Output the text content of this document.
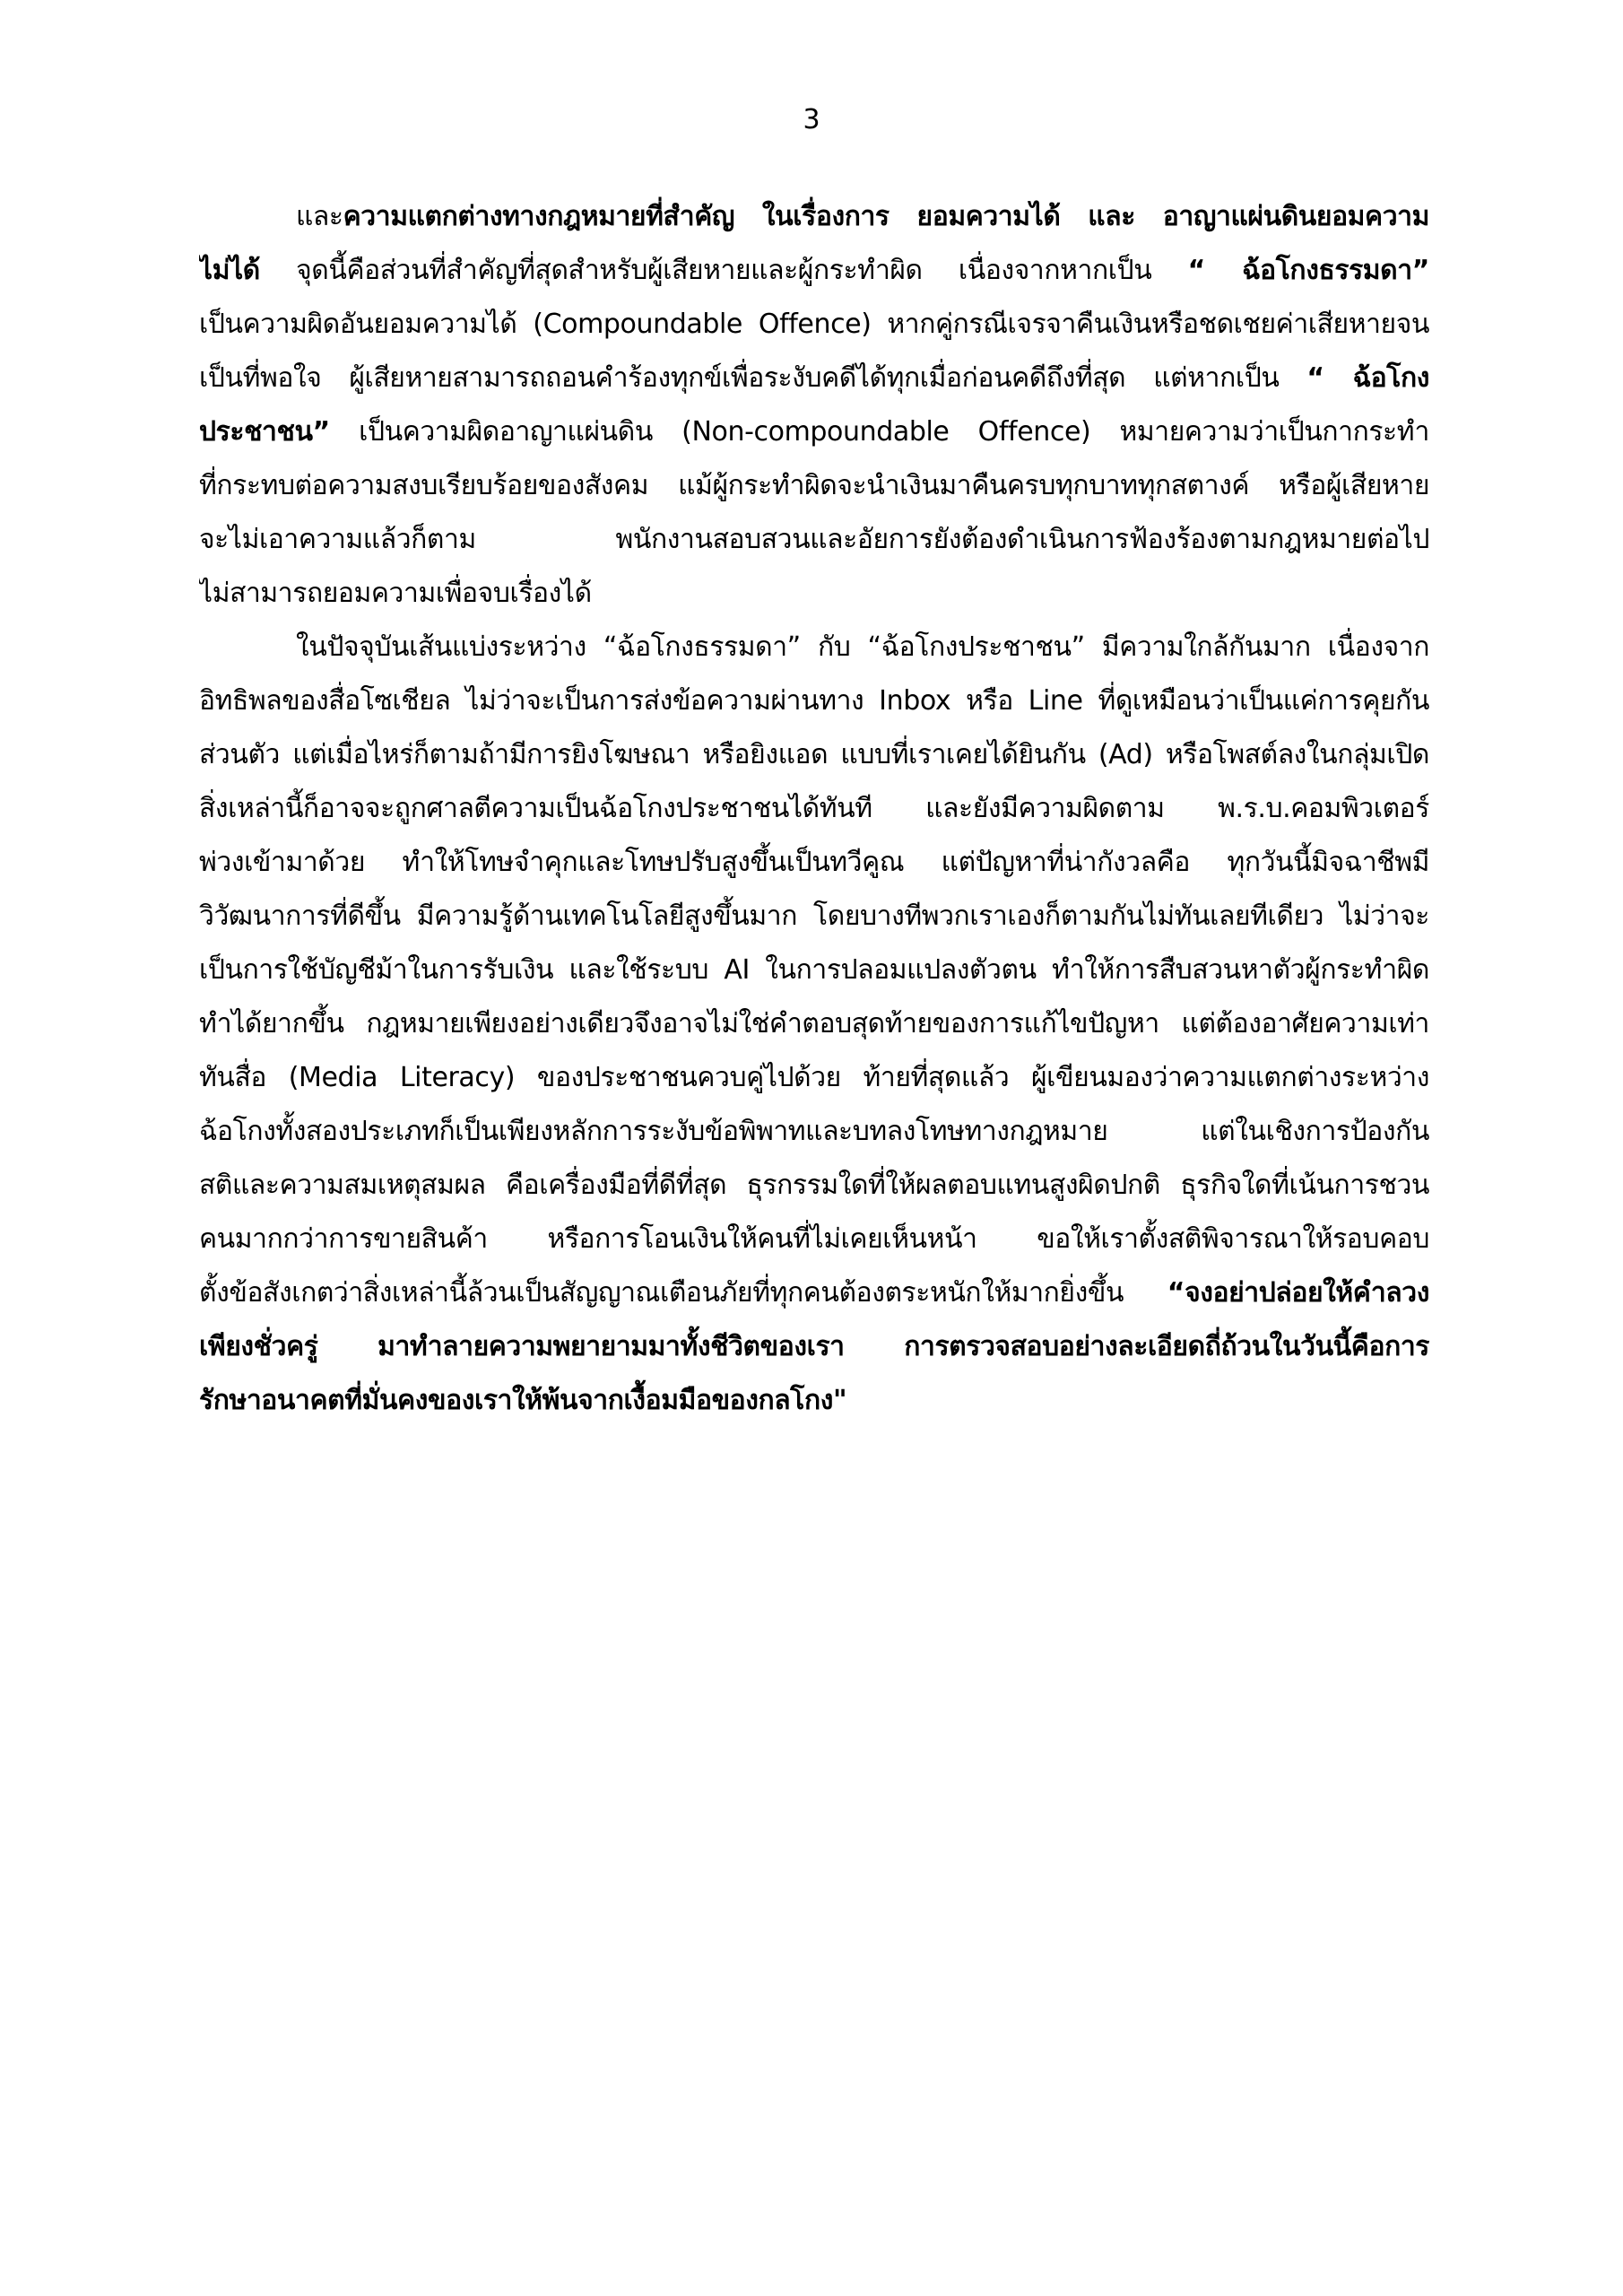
3
และความแตกต่างทางกฎหมายที่สำคัญ ในเรื่องการ ยอมความได้ และ อาญาแผ่นดินยอมความ
ไม่ได้ จุดนี้คือส่วนที่สำคัญที่สุดสำหรับผู้เสียหายและผู้กระทำผิด เนื่องจากหากเป็น “ ฉ้อโกงธรรมดา”
เป็นความผิดอันยอมความได้ (Compoundable Offence) หากคู่กรณีเจรจาคืนเงินหรือชดเชยค่าเสียหายจน
เป็นที่พอใจ ผู้เสียหายสามารถถอนคำร้องทุกข์เพื่อระงับคดีได้ทุกเมื่อก่อนคดีถึงที่สุด แต่หากเป็น “ ฉ้อโกง
ประชาชน” เป็นความผิดอาญาแผ่นดิน (Non-compoundable Offence) หมายความว่าเป็นกากระทำ
ที่กระทบต่อความสงบเรียบร้อยของสังคม แม้ผู้กระทำผิดจะนำเงินมาคืนครบทุกบาททุกสตางค์ หรือผู้เสียหาย
จะไม่เอาความแล้วก็ตาม พนักงานสอบสวนและอัยการยังต้องดำเนินการฟ้องร้องตามกฎหมายต่อไป
ไม่สามารถยอมความเพื่อจบเรื่องได้
ในปัจจุบันเส้นแบ่งระหว่าง “ฉ้อโกงธรรมดา” กับ “ฉ้อโกงประชาชน” มีความใกล้กันมาก เนื่องจาก
อิทธิพลของสื่อโซเชียล ไม่ว่าจะเป็นการส่งข้อความผ่านทาง Inbox หรือ Line ที่ดูเหมือนว่าเป็นแค่การคุยกัน
ส่วนตัว แต่เมื่อไหร่ก็ตามถ้ามีการยิงโฆษณา หรือยิงแอด แบบที่เราเคยได้ยินกัน (Ad) หรือโพสต์ลงในกลุ่มเปิด
สิ่งเหล่านี้ก็อาจจะถูกศาลตีความเป็นฉ้อโกงประชาชนได้ทันที และยังมีความผิดตาม พ.ร.บ.คอมพิวเตอร์
พ่วงเข้ามาด้วย ทำให้โทษจำคุกและโทษปรับสูงขึ้นเป็นทวีคูณ แต่ปัญหาที่น่ากังวลคือ ทุกวันนี้มิจฉาชีพมี
วิวัฒนาการที่ดีขึ้น มีความรู้ด้านเทคโนโลยีสูงขึ้นมาก โดยบางทีพวกเราเองก็ตามกันไม่ทันเลยทีเดียว ไม่ว่าจะ
เป็นการใช้บัญชีม้าในการรับเงิน และใช้ระบบ AI ในการปลอมแปลงตัวตน ทำให้การสืบสวนหาตัวผู้กระทำผิด
ทำได้ยากขึ้น กฎหมายเพียงอย่างเดียวจึงอาจไม่ใช่คำตอบสุดท้ายของการแก้ไขปัญหา แต่ต้องอาศัยความเท่า
ทันสื่อ (Media Literacy) ของประชาชนควบคู่ไปด้วย ท้ายที่สุดแล้ว ผู้เขียนมองว่าความแตกต่างระหว่าง
ฉ้อโกงทั้งสองประเภทก็เป็นเพียงหลักการระงับข้อพิพาทและบทลงโทษทางกฎหมาย แต่ในเชิงการป้องกัน
สติและความสมเหตุสมผล คือเครื่องมือที่ดีที่สุด ธุรกรรมใดที่ให้ผลตอบแทนสูงผิดปกติ ธุรกิจใดที่เน้นการชวน
คนมากกว่าการขายสินค้า หรือการโอนเงินให้คนที่ไม่เคยเห็นหน้า ขอให้เราตั้งสติพิจารณาให้รอบคอบ
ตั้งข้อสังเกตว่าสิ่งเหล่านี้ล้วนเป็นสัญญาณเตือนภัยที่ทุกคนต้องตระหนักให้มากยิ่งขึ้น “จงอย่าปล่อยให้คำลวง
เพียงชั่วครู่ มาทำลายความพยายามมาทั้งชีวิตของเรา การตรวจสอบอย่างละเอียดถี่ถ้วนในวันนี้คือการ
รักษาอนาคตที่มั่นคงของเราให้พ้นจากเงื้อมมือของกลโกง"
